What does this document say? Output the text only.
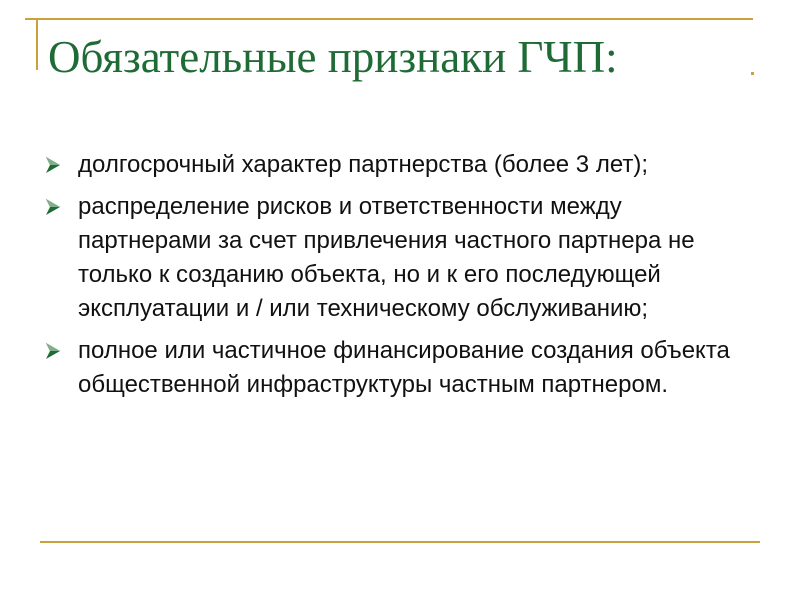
Обязательные признаки ГЧП:
долгосрочный характер партнерства (более 3 лет);
распределение рисков и ответственности между партнерами за счет привлечения частного партнера не только к созданию объекта, но и к его последующей эксплуатации и / или техническому обслуживанию;
полное или частичное финансирование создания объекта общественной инфраструктуры частным партнером.
